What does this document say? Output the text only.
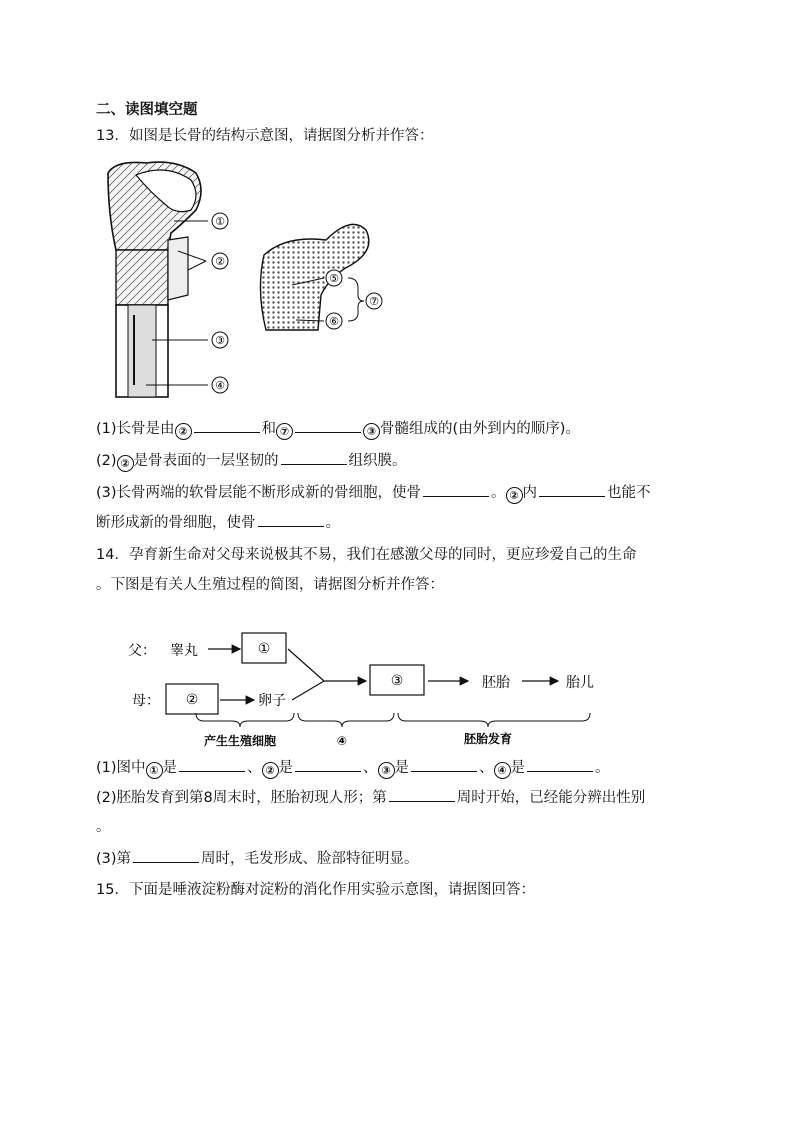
二、读图填空题
13．如图是长骨的结构示意图，请据图分析并作答：
①
②
③
④
⑤
⑥
⑦
(1)长骨是由 ②	和 ⑦	③ 骨髓组成的(由外到内的顺序)。
(2) ② 是骨表面的一层坚韧的	组织膜。
(3)长骨两端的软骨层能不断形成新的骨细胞，使骨	。 ② 内	也能不
断形成新的骨细胞，使骨	。
14．孕育新生命对父母来说极其不易，我们在感激父母的同时，更应珍爱自己的生命
。下图是有关人生殖过程的简图，请据图分析并作答：
父： 睾丸
母：	卵子
胚胎	胎儿
①
②
③
产生生殖细胞	④	胚胎发育
(1)图中 ① 是	、 ② 是	、 ③ 是	、 ④ 是	。
(2)胚胎发育到第8周末时，胚胎初现人形；第	周时开始，已经能分辨出性别
。
(3)第	周时，毛发形成、脸部特征明显。
15．下面是唾液淀粉酶对淀粉的消化作用实验示意图，请据图回答：
